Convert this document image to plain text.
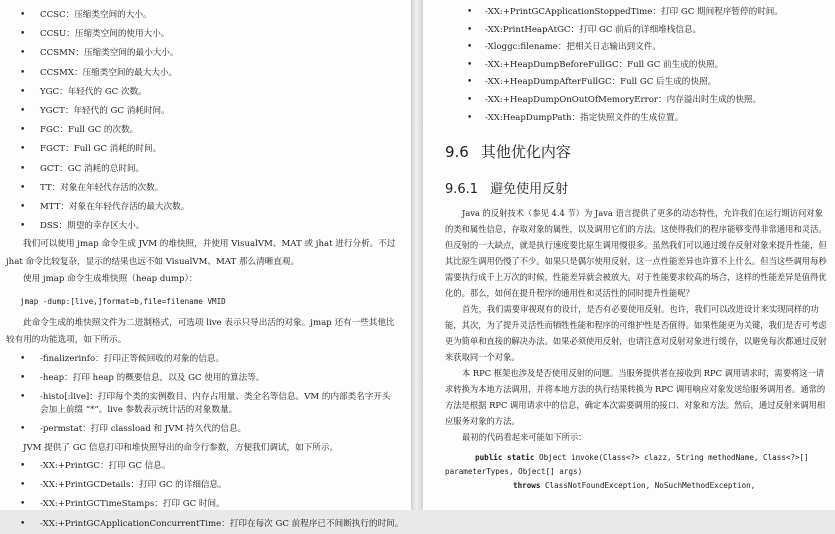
• CCSC：压缩类空间的大小。
• CCSU：压缩类空间的使用大小。
• CCSMN：压缩类空间的最小大小。
• CCSMX：压缩类空间的最大大小。
• YGC：年轻代的 GC 次数。
• YGCT：年轻代的 GC 消耗时间。
• FGC：Full GC 的次数。
• FGCT：Full GC 消耗的时间。
• GCT：GC 消耗的总时间。
• TT：对象在年轻代存活的次数。
• MTT：对象在年轻代存活的最大次数。
• DSS：期望的幸存区大小。

我们可以使用 jmap 命令生成 JVM 的堆快照，并使用 VisualVM、MAT 或 jhat 进行分析。不过 jhat 命令比较复杂，显示的结果也远不如 VisualVM、MAT 那么清晰直观。

使用 jmap 命令生成堆快照（heap dump）：

jmap -dump:[live,]format=b,file=filename VMID

此命令生成的堆快照文件为二进制格式，可选项 live 表示只导出活的对象。jmap 还有一些其他比较有用的功能选项，如下所示。

• -finalizerinfo：打印正等候回收的对象的信息。
• -heap：打印 heap 的概要信息，以及 GC 使用的算法等。
• -histo[:live]：打印每个类的实例数目、内存占用量、类全名等信息。VM 的内部类名字开头会加上前缀 “*”。live 参数表示统计活的对象数量。
• -permstat：打印 classload 和 JVM 持久代的信息。

JVM 提供了 GC 信息打印和堆快照导出的命令行参数，方便我们调试，如下所示。

• -XX:+PrintGC：打印 GC 信息。
• -XX:+PrintGCDetails：打印 GC 的详细信息。
• -XX:+PrintGCTimeStamps：打印 GC 时间。
• -XX:+PrintGCApplicationConcurrentTime：打印在每次 GC 前程序已不间断执行的时间。
• -XX:+PrintGCApplicationStoppedTime：打印 GC 期间程序暂停的时间。
• -XX:PrintHeapAtGC：打印 GC 前后的详细堆栈信息。
• -Xloggc:filename：把相关日志输出到文件。
• -XX:+HeapDumpBeforeFullGC：Full GC 前生成的快照。
• -XX:+HeapDumpAfterFullGC：Full GC 后生成的快照。
• -XX:+HeapDumpOnOutOfMemoryError：内存溢出时生成的快照。
• -XX:HeapDumpPath：指定快照文件的生成位置。
9.6 其他优化内容
9.6.1 避免使用反射

Java 的反射技术（参见 4.4 节）为 Java 语言提供了更多的动态特性，允许我们在运行期访问对象的类和属性信息，存取对象的属性，以及调用它们的方法。这使得我们的程序能够变得非常通用和灵活。但反射的一大缺点，就是执行速度要比原生调用慢很多。虽然我们可以通过缓存反射对象来提升性能，但其比原生调用仍慢了不少。如果只是偶尔使用反射，这一点性能差异也许算不上什么。但当这些调用每秒需要执行成千上万次的时候，性能差异就会被放大。对于性能要求较高的场合，这样的性能差异是值得优化的。那么，如何在提升程序的通用性和灵活性的同时提升性能呢？

首先，我们需要审视现有的设计，是否有必要使用反射。也许，我们可以改进设计来实现同样的功能，其次，为了提升灵活性而牺牲性能和程序的可维护性是否值得。如果性能更为关键，我们是否可考虑更为简单和直接的解决办法。如果必须使用反射，也请注意对反射对象进行缓存，以避免每次都通过反射来获取同一个对象。

本 RPC 框架也涉及是否使用反射的问题。当服务提供者在接收到 RPC 调用请求时，需要将这一请求转换为本地方法调用，并将本地方法的执行结果转换为 RPC 调用响应对象发送给服务调用者。通常的方法是根据 RPC 调用请求中的信息，确定本次需要调用的接口、对象和方法。然后，通过反射来调用相应服务对象的方法。

最初的代码看起来可能如下所示：

public static Object invoke(Class<?> clazz, String methodName, Class<?>[]
parameterTypes, Object[] args)
throws ClassNotFoundException, NoSuchMethodException,
